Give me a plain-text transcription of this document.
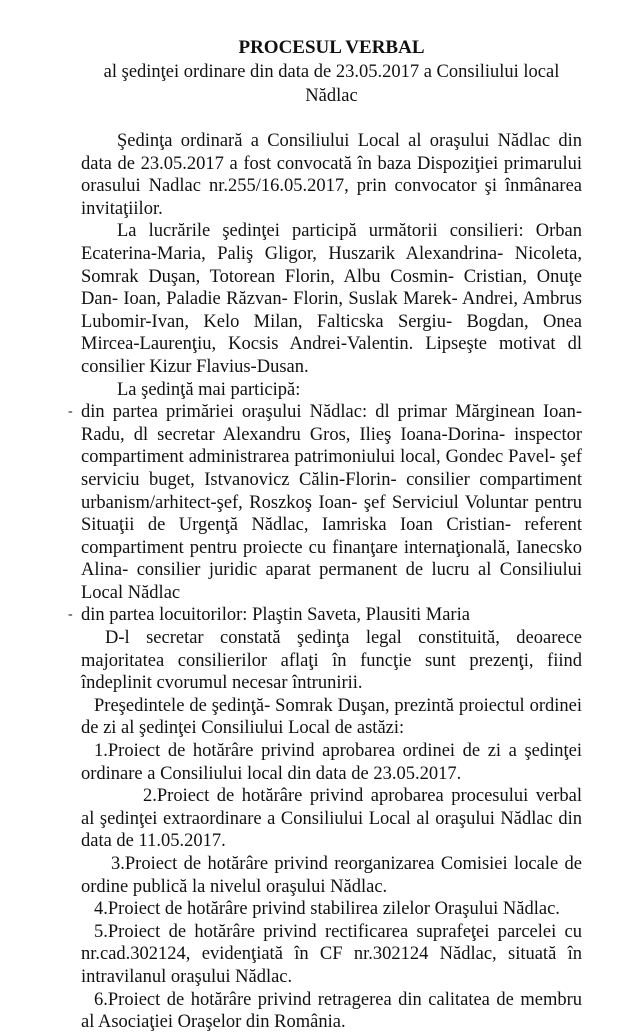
PROCESUL VERBAL

al şedinţei ordinare din data de 23.05.2017 a Consiliului local
Nădlac

Şedinţa ordinară a Consiliului Local al oraşului Nădlac din data de 23.05.2017 a fost convocată în baza Dispoziţiei primarului orasului Nadlac nr.255/16.05.2017, prin convocator şi înmânarea invitaţiilor.

La lucrările şedinţei participă următorii consilieri: Orban Ecaterina-Maria, Paliş Gligor, Huszarik Alexandrina- Nicoleta, Somrak Duşan, Totorean Florin, Albu Cosmin- Cristian, Onuţe Dan- Ioan, Paladie Răzvan- Florin, Suslak Marek- Andrei, Ambrus Lubomir-Ivan, Kelo Milan, Falticska Sergiu- Bogdan, Onea Mircea-Laurenţiu, Kocsis Andrei-Valentin. Lipseşte motivat dl consilier Kizur Flavius-Dusan.

La şedinţă mai participă:

- din partea primăriei oraşului Nădlac: dl primar Mărginean Ioan-Radu, dl secretar Alexandru Gros, Ilieş Ioana-Dorina- inspector compartiment administrarea patrimoniului local, Gondec Pavel- şef serviciu buget, Istvanovicz Călin-Florin- consilier compartiment urbanism/arhitect-şef, Roszkoş Ioan- şef Serviciul Voluntar pentru Situaţii de Urgenţă Nădlac, Iamriska Ioan Cristian- referent compartiment pentru proiecte cu finanţare internaţională, Ianecsko Alina- consilier juridic aparat permanent de lucru al Consiliului Local Nădlac

- din partea locuitorilor: Plaştin Saveta, Plausiti Maria

D-l secretar constată şedinţa legal constituită, deoarece majoritatea consilierilor aflaţi în funcţie sunt prezenţi, fiind îndeplinit cvorumul necesar întrunirii.

Preşedintele de şedinţă- Somrak Duşan, prezintă proiectul ordinei de zi al şedinţei Consiliului Local de astăzi:

1.Proiect de hotărâre privind aprobarea ordinei de zi a şedinţei ordinare a Consiliului local din data de 23.05.2017.

2.Proiect de hotărâre privind aprobarea procesului verbal al şedinţei extraordinare a Consiliului Local al oraşului Nădlac din data de 11.05.2017.

3.Proiect de hotărâre privind reorganizarea Comisiei locale de ordine publică la nivelul oraşului Nădlac.

4.Proiect de hotărâre privind stabilirea zilelor Oraşului Nădlac.

5.Proiect de hotărâre privind rectificarea suprafeţei parcelei cu nr.cad.302124, evidenţiată în CF nr.302124 Nădlac, situată în intravilanul oraşului Nădlac.

6.Proiect de hotărâre privind retragerea din calitatea de membru al Asociaţiei Oraşelor din România.
